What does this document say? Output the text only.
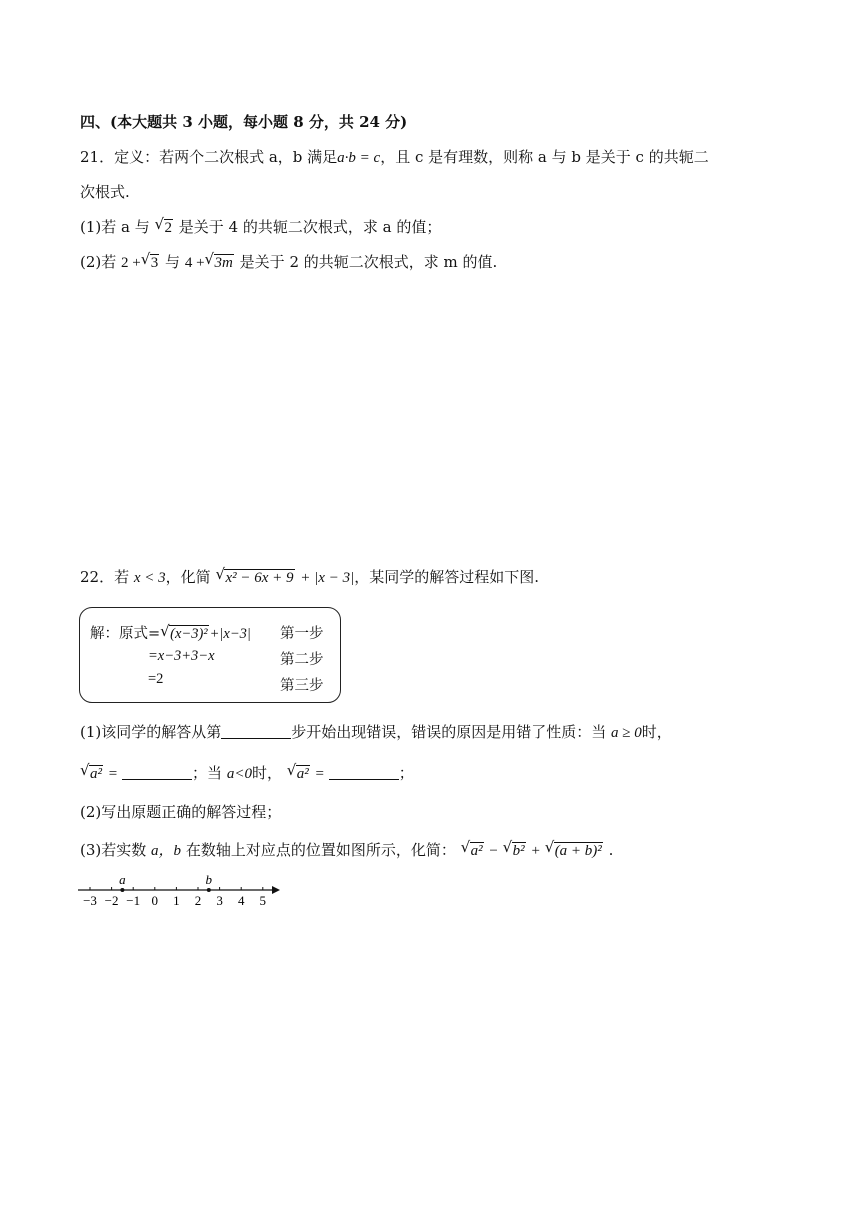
四、(本大题共 3 小题，每小题 8 分，共 24 分)
21．定义：若两个二次根式 a，b 满足a·b = c，且 c 是有理数，则称 a 与 b 是关于 c 的共轭二
次根式.
(1)若 a 与 √ 2 是关于 4 的共轭二次根式，求 a 的值；
(2)若 2 + √ 3 与 4 + √ 3m 是关于 2 的共轭二次根式，求 m 的值.
22．若 x < 3，化简 √ x² − 6x + 9 + |x − 3|，某同学的解答过程如下图.
解：原式= √ (x−3)² +|x−3|
=x−3+3−x
=2
第一步
第二步
第三步
(1)该同学的解答从第	步开始出现错误，错误的原因是用错了性质：当 a ≥ 0时，
√ a² =	；当 a<0时， √ a² =	；
(2)写出原题正确的解答过程；
(3)若实数 a，b 在数轴上对应点的位置如图所示，化简： √ a² − √ b² + √ (a + b)² .
−3 −2 −1 0 1 2 3 4 5
a	b
